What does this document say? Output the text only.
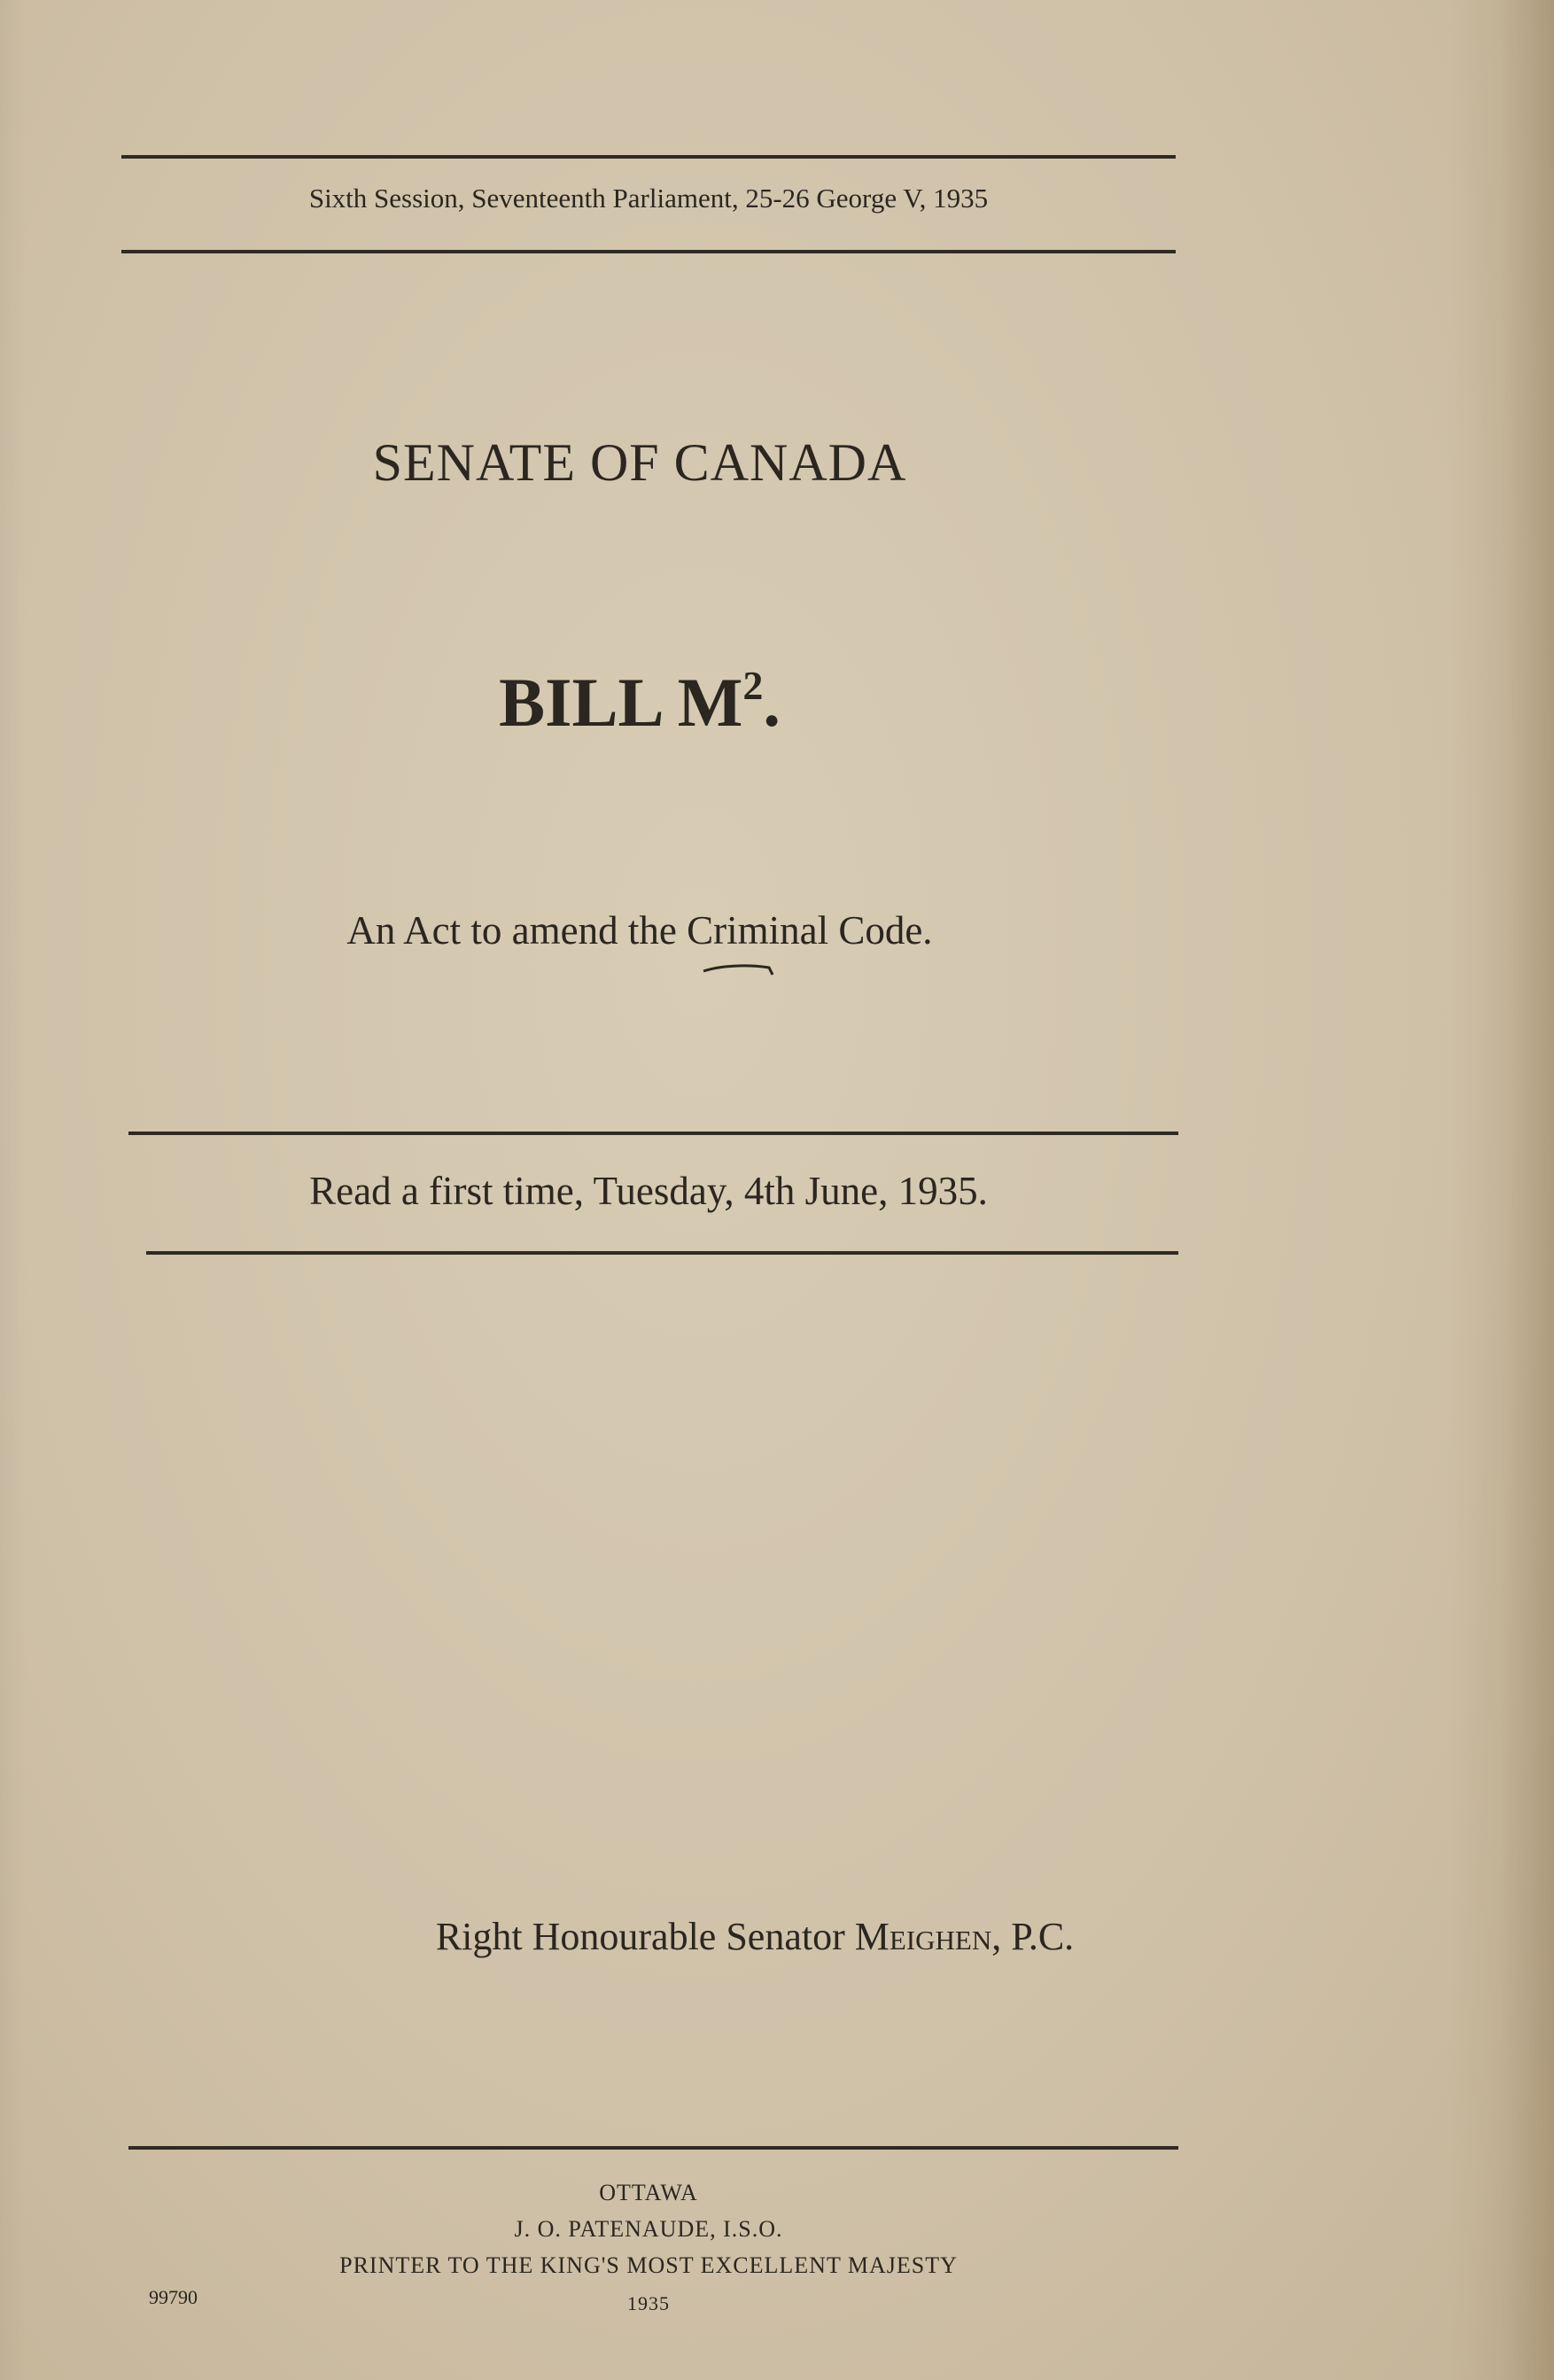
Sixth Session, Seventeenth Parliament, 25-26 George V, 1935
SENATE OF CANADA
BILL $M^2$.
An Act to amend the Criminal Code.
Read a first time, Tuesday, 4th June, 1935.
Right Honourable Senator Meighen, P.C.
OTTAWA
J. O. PATENAUDE, I.S.O.
PRINTER TO THE KING'S MOST EXCELLENT MAJESTY
1935
99790
